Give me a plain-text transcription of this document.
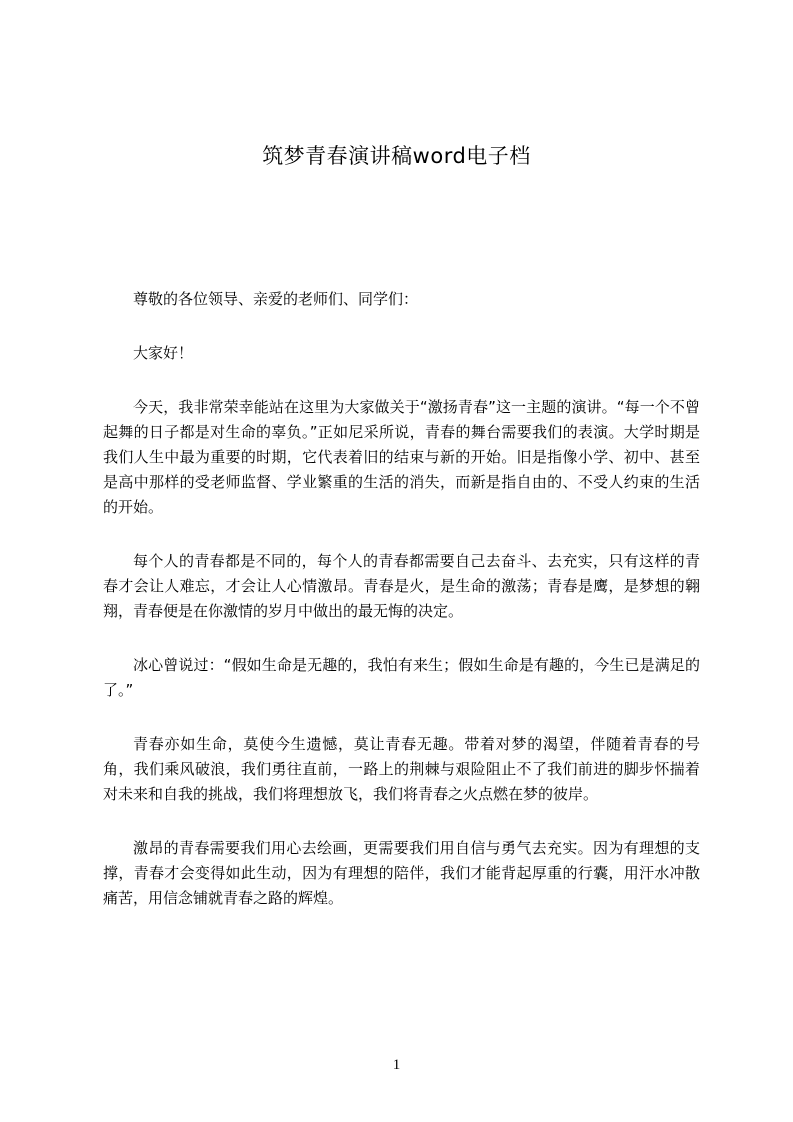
筑梦青春演讲稿word电子档

尊敬的各位领导、亲爱的老师们、同学们：

大家好！

今天，我非常荣幸能站在这里为大家做关于“激扬青春”这一主题的演讲。“每一个不曾起舞的日子都是对生命的辜负。”正如尼采所说，青春的舞台需要我们的表演。大学时期是我们人生中最为重要的时期，它代表着旧的结束与新的开始。旧是指像小学、初中、甚至是高中那样的受老师监督、学业繁重的生活的消失，而新是指自由的、不受人约束的生活的开始。

每个人的青春都是不同的，每个人的青春都需要自己去奋斗、去充实，只有这样的青春才会让人难忘，才会让人心情激昂。青春是火，是生命的激荡；青春是鹰，是梦想的翱翔，青春便是在你激情的岁月中做出的最无悔的决定。

冰心曾说过：“假如生命是无趣的，我怕有来生；假如生命是有趣的，今生已是满足的了。”

青春亦如生命，莫使今生遗憾，莫让青春无趣。带着对梦的渴望，伴随着青春的号角，我们乘风破浪，我们勇往直前，一路上的荆棘与艰险阻止不了我们前进的脚步怀揣着对未来和自我的挑战，我们将理想放飞，我们将青春之火点燃在梦的彼岸。

激昂的青春需要我们用心去绘画，更需要我们用自信与勇气去充实。因为有理想的支撑，青春才会变得如此生动，因为有理想的陪伴，我们才能背起厚重的行囊，用汗水冲散痛苦，用信念铺就青春之路的辉煌。

1
